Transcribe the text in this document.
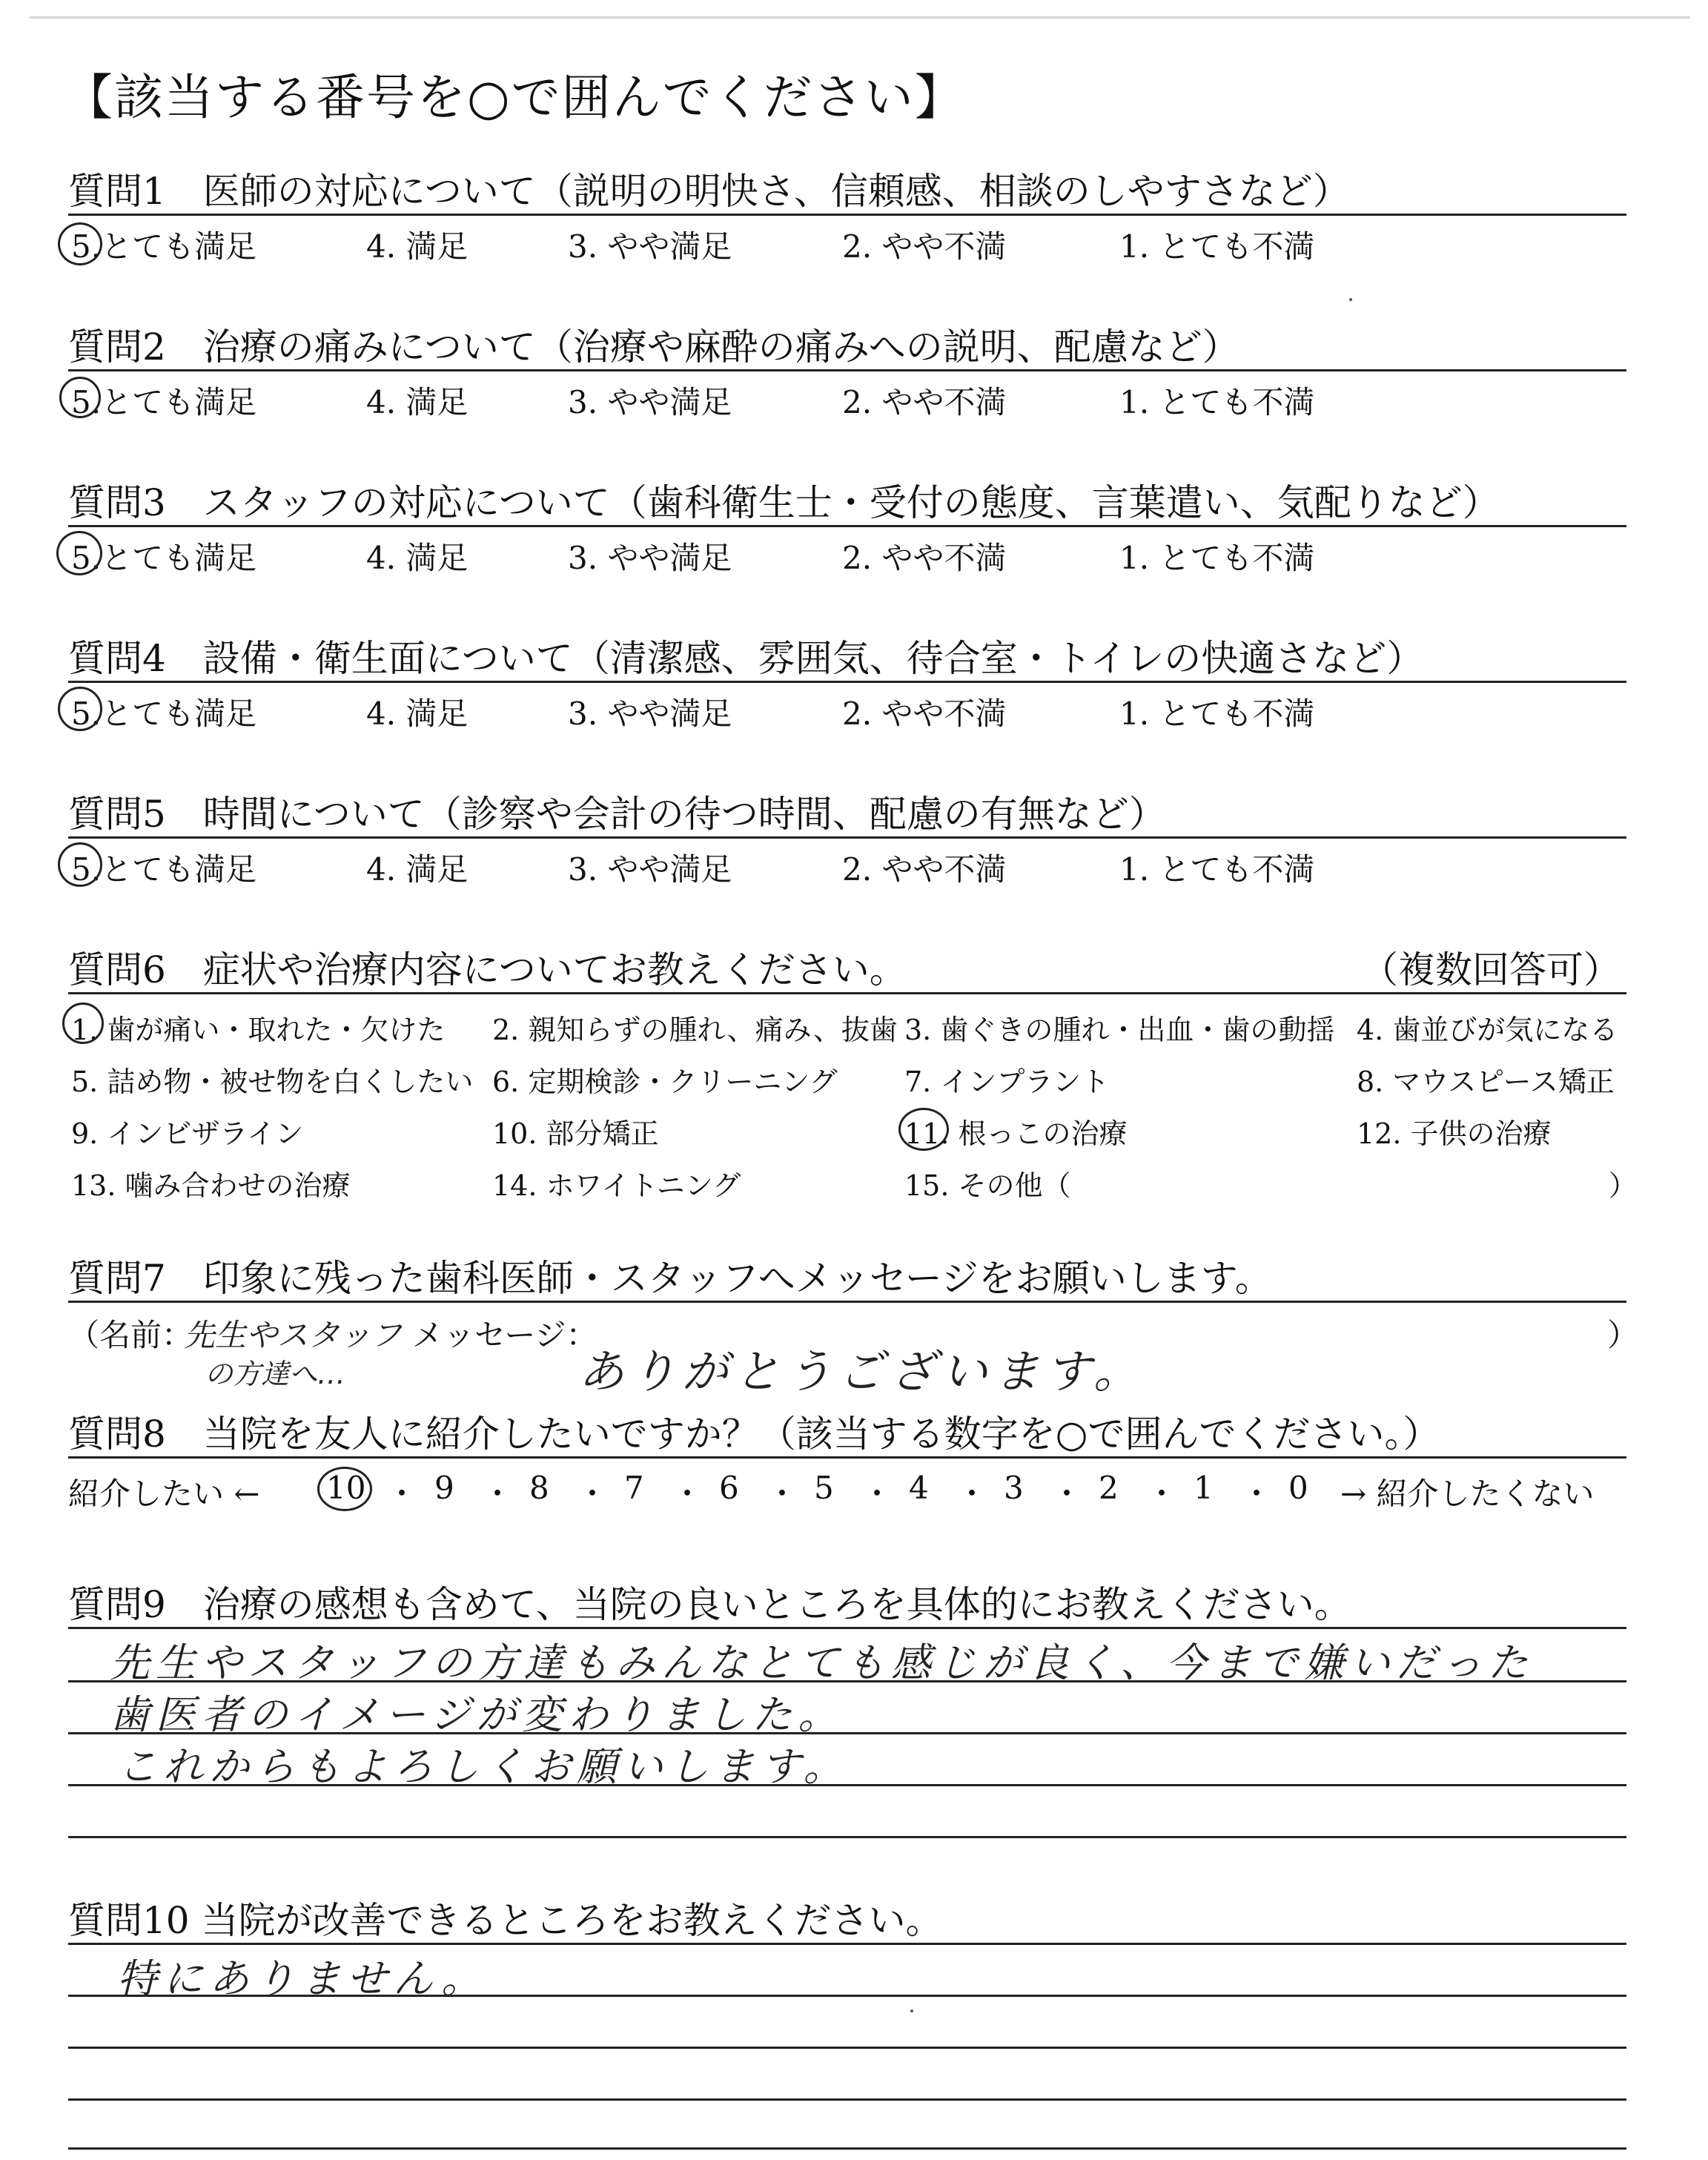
【該当する番号を○で囲んでください】
質問1　医師の対応について（説明の明快さ、信頼感、相談のしやすさなど）
5.とても満足	4. 満足	3. やや満足	2. やや不満	1. とても不満
質問2　治療の痛みについて（治療や麻酔の痛みへの説明、配慮など）
5.とても満足	4. 満足	3. やや満足	2. やや不満	1. とても不満
質問3　スタッフの対応について（歯科衛生士・受付の態度、言葉遣い、気配りなど）
5.とても満足	4. 満足	3. やや満足	2. やや不満	1. とても不満
質問4　設備・衛生面について（清潔感、雰囲気、待合室・トイレの快適さなど）
5.とても満足	4. 満足	3. やや満足	2. やや不満	1. とても不満
質問5　時間について（診察や会計の待つ時間、配慮の有無など）
5.とても満足	4. 満足	3. やや満足	2. やや不満	1. とても不満
質問6　症状や治療内容についてお教えください。	（複数回答可）
1. 歯が痛い・取れた・欠けた 2. 親知らずの腫れ、痛み、抜歯 3. 歯ぐきの腫れ・出血・歯の動揺 4. 歯並びが気になる
5. 詰め物・被せ物を白くしたい 6. 定期検診・クリーニング 7. インプラント	8. マウスピース矯正
9. インビザライン	10. 部分矯正	11. 根っこの治療	12. 子供の治療
13. 噛み合わせの治療	14. ホワイトニング	15. その他（	）
質問7　印象に残った歯科医師・スタッフへメッセージをお願いします。
（名前：	メッセージ：	）
先生やスタッフ
の方達へ…	ありがとうございます。
質問8　当院を友人に紹介したいですか？（該当する数字を○で囲んでください。）
紹介したい ←	→ 紹介したくない
10 ・ 9 ・ 8 ・ 7 ・ 6 ・ 5 ・ 4 ・ 3 ・ 2 ・ 1 ・ 0
質問9　治療の感想も含めて、当院の良いところを具体的にお教えください。
先生やスタッフの方達もみんなとても感じが良く、今まで嫌いだった
歯医者のイメージが変わりました。
これからもよろしくお願いします。
質問10 当院が改善できるところをお教えください。
特にありません。
